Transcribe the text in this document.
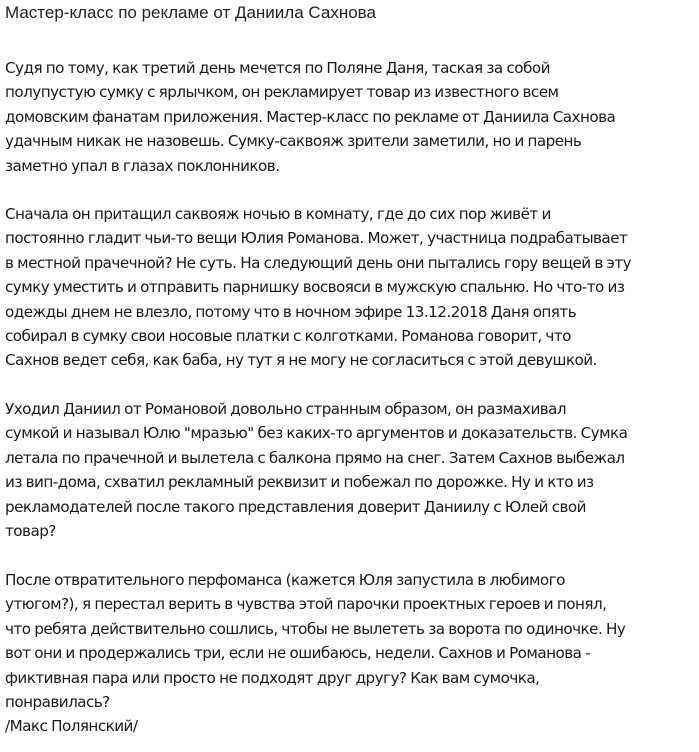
Мастер-класс по рекламе от Даниила Сахнова
Судя по тому, как третий день мечется по Поляне Даня, таская за собой
полупустую сумку с ярлычком, он рекламирует товар из известного всем
домовским фанатам приложения. Мастер-класс по рекламе от Даниила Сахнова
удачным никак не назовешь. Сумку-саквояж зрители заметили, но и парень
заметно упал в глазах поклонников.
Сначала он притащил саквояж ночью в комнату, где до сих пор живёт и
постоянно гладит чьи-то вещи Юлия Романова. Может, участница подрабатывает
в местной прачечной? Не суть. На следующий день они пытались гору вещей в эту
сумку уместить и отправить парнишку восвояси в мужскую спальню. Но что-то из
одежды днем не влезло, потому что в ночном эфире 13.12.2018 Даня опять
собирал в сумку свои носовые платки с колготками. Романова говорит, что
Сахнов ведет себя, как баба, ну тут я не могу не согласиться с этой девушкой.
Уходил Даниил от Романовой довольно странным образом, он размахивал
сумкой и называл Юлю "мразью" без каких-то аргументов и доказательств. Сумка
летала по прачечной и вылетела с балкона прямо на снег. Затем Сахнов выбежал
из вип-дома, схватил рекламный реквизит и побежал по дорожке. Ну и кто из
рекламодателей после такого представления доверит Даниилу с Юлей свой
товар?
После отвратительного перфоманса (кажется Юля запустила в любимого
утюгом?), я перестал верить в чувства этой парочки проектных героев и понял,
что ребята действительно сошлись, чтобы не вылететь за ворота по одиночке. Ну
вот они и продержались три, если не ошибаюсь, недели. Сахнов и Романова -
фиктивная пара или просто не подходят друг другу? Как вам сумочка,
понравилась?
/Макс Полянский/
